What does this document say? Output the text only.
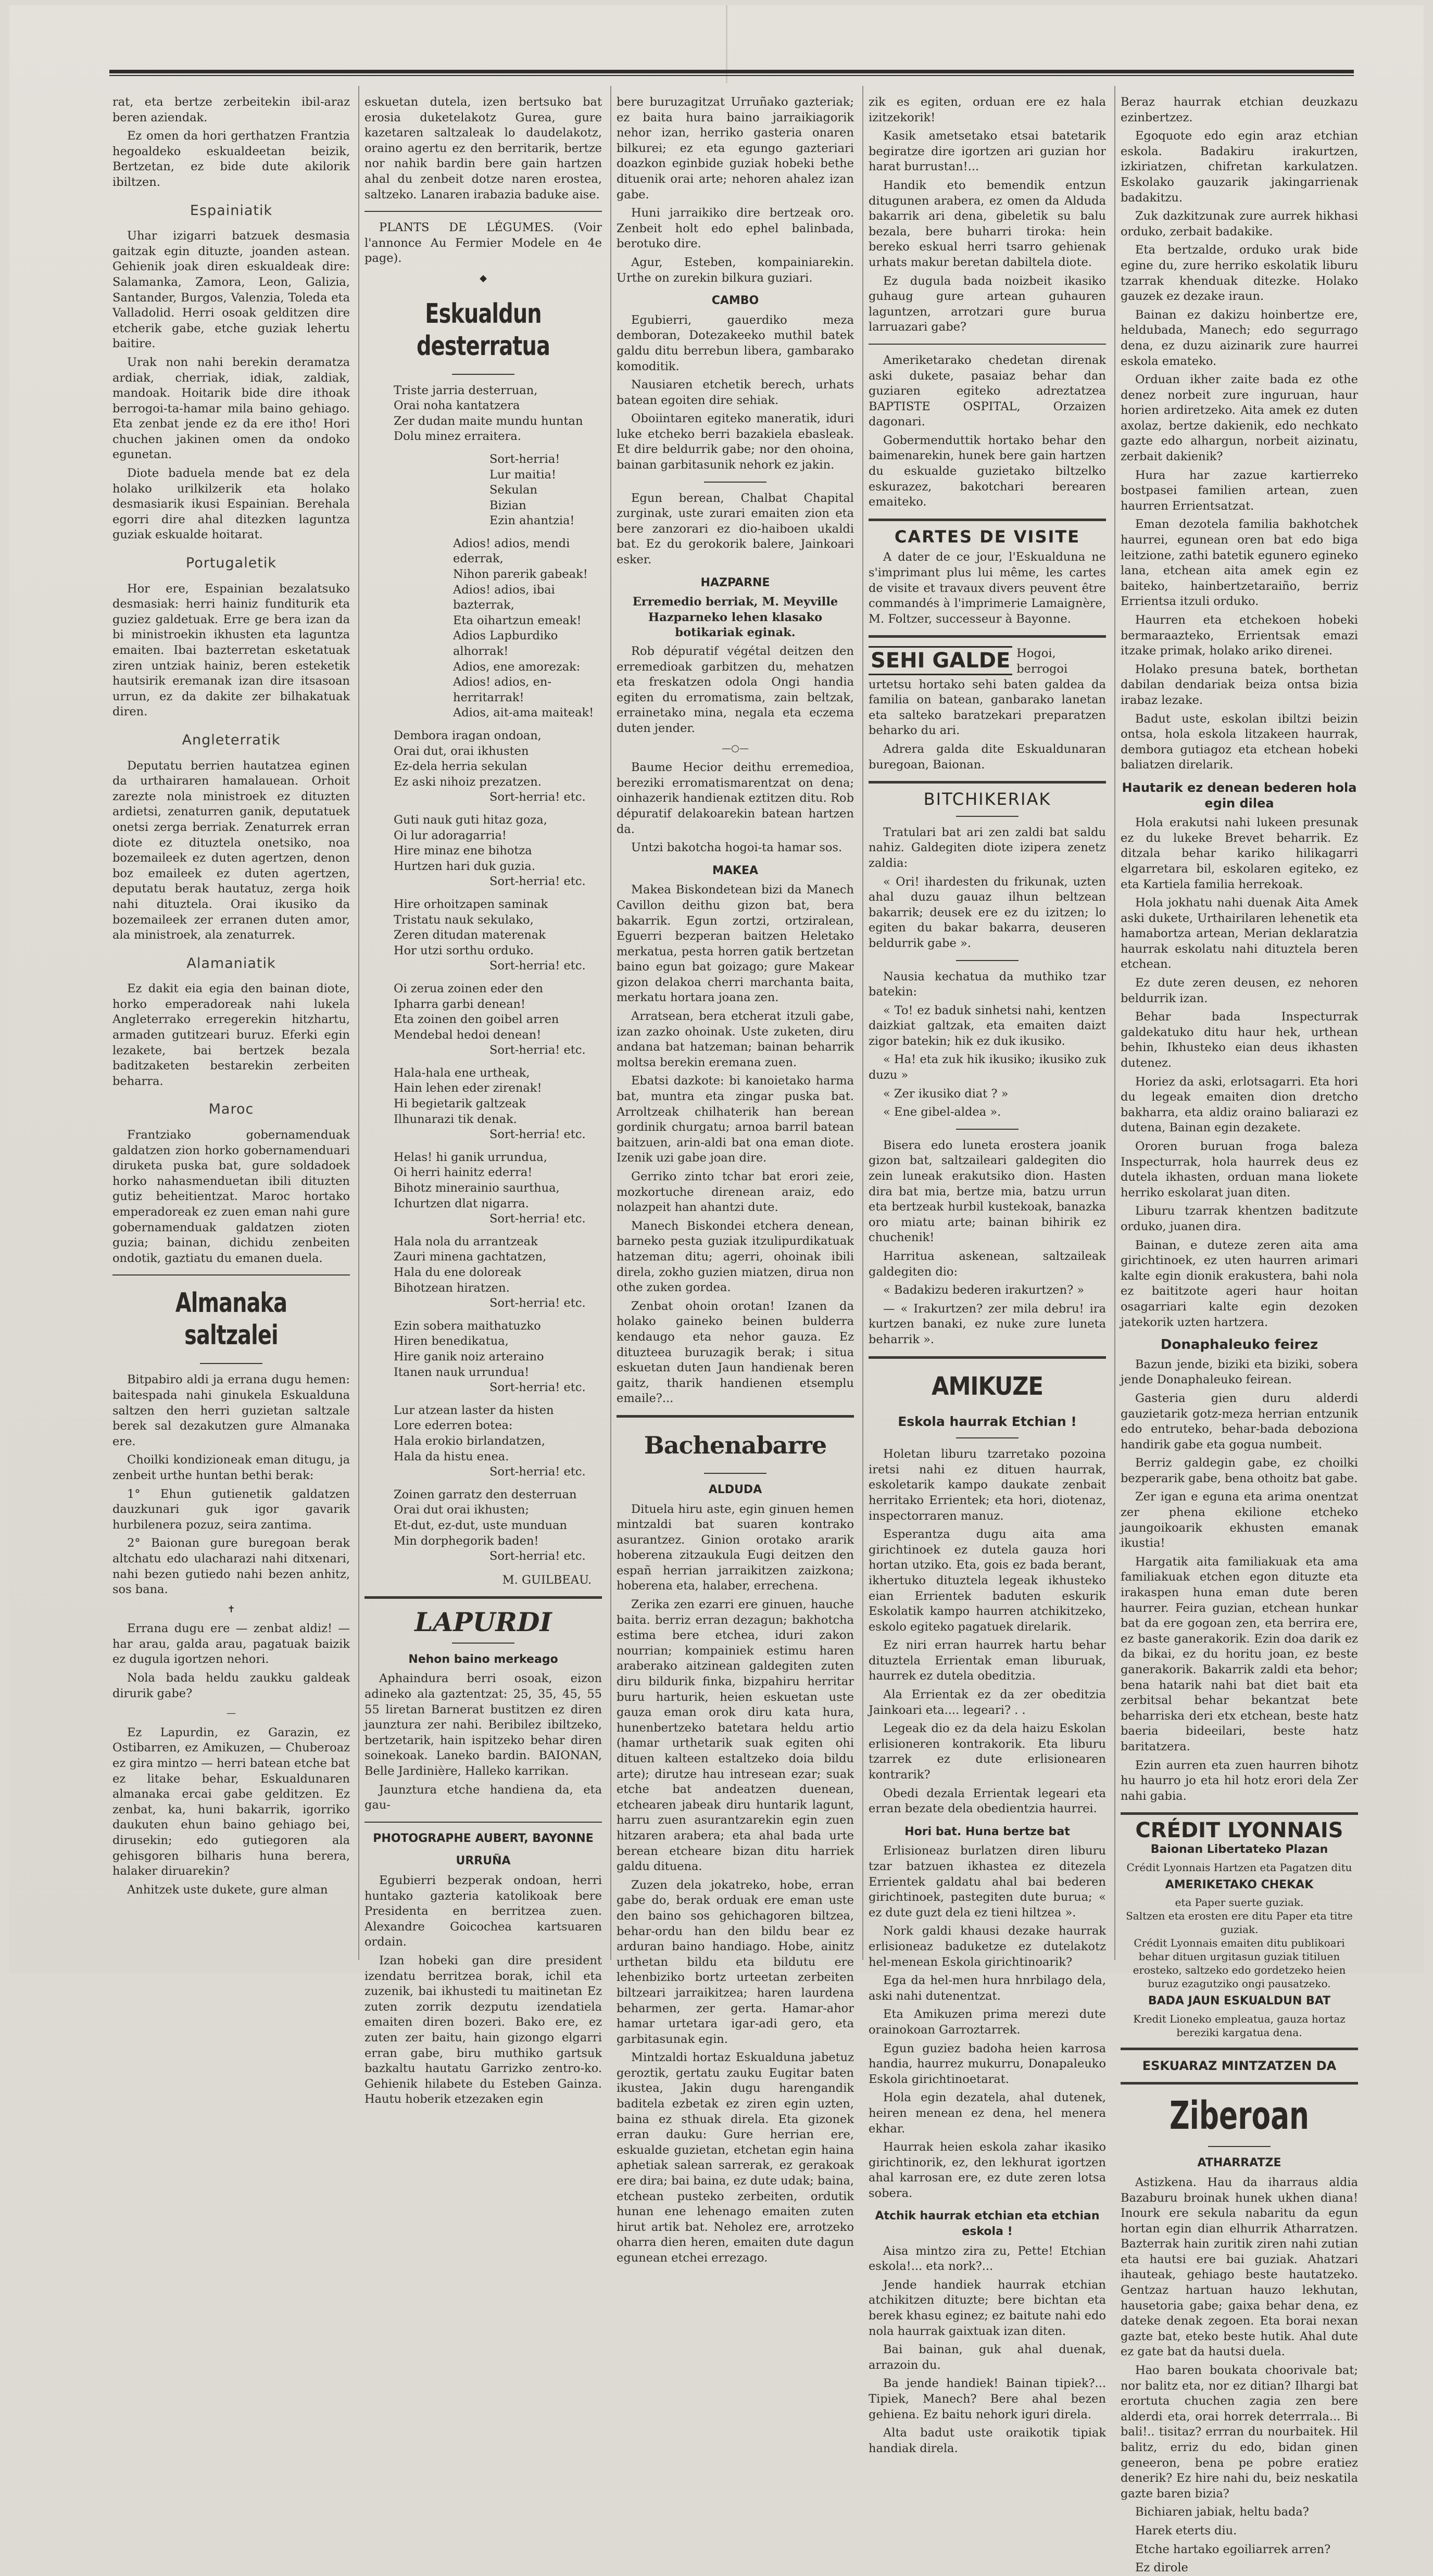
rat, eta bertze zerbeitekin ibil-araz beren aziendak.

Ez omen da hori gerthatzen Frantzia hegoaldeko eskualdeetan beizik, Bertzetan, ez bide dute akilorik ibiltzen.

Espainiatik

Uhar izigarri batzuek desmasia gaitzak egin dituzte, joanden astean. Gehienik joak diren eskualdeak dire: Salamanka, Zamora, Leon, Galizia, Santander, Burgos, Valenzia, Toleda eta Valladolid. Herri osoak gelditzen dire etcherik gabe, etche guziak lehertu baitire.

Urak non nahi berekin deramatza ardiak, cherriak, idiak, zaldiak, mandoak. Hoitarik bide dire ithoak berrogoi-ta-hamar mila baino gehiago. Eta zenbat jende ez da ere itho! Hori chuchen jakinen omen da ondoko egunetan.

Diote baduela mende bat ez dela holako urilkilzerik eta holako desmasiarik ikusi Espainian. Berehala egorri dire ahal ditezken laguntza guziak eskualde hoitarat.

Portugaletik

Hor ere, Espainian bezalatsuko desmasiak: herri hainiz funditurik eta guziez galdetuak. Erre ge bera izan da bi ministroekin ikhusten eta laguntza emaiten. Ibai bazterretan esketatuak ziren untziak hainiz, beren esteketik hautsirik eremanak izan dire itsasoan urrun, ez da dakite zer bilhakatuak diren.

Angleterratik

Deputatu berrien hautatzea eginen da urthairaren hamalauean. Orhoit zarezte nola ministroek ez dituzten ardietsi, zenaturren ganik, deputatuek onetsi zerga berriak. Zenaturrek erran diote ez dituztela onetsiko, noa bozemaileek ez duten agertzen, denon boz emaileek ez duten agertzen, deputatu berak hautatuz, zerga hoik nahi dituztela. Orai ikusiko da bozemaileek zer erranen duten amor, ala ministroek, ala zenaturrek.

Alamaniatik

Ez dakit eia egia den bainan diote, horko emperadoreak nahi lukela Angleterrako erregerekin hitzhartu, armaden gutitzeari buruz. Eferki egin lezakete, bai bertzek bezala baditzaketen bestarekin zerbeiten beharra.

Maroc

Frantziako gobernamenduak galdatzen zion horko gobernamenduari diruketa puska bat, gure soldadoek horko nahasmenduetan ibili dituzten gutiz beheitientzat. Maroc hortako emperadoreak ez zuen eman nahi gure gobernamenduak galdatzen zioten guzia; bainan, dichidu zenbeiten ondotik, gaztiatu du emanen duela.

Almanaka saltzalei

Bitpabiro aldi ja errana dugu hemen: baitespada nahi ginukela Eskualduna saltzen den herri guzietan saltzale berek sal dezakutzen gure Almanaka ere.

Choilki kondizioneak eman ditugu, ja zenbeit urthe huntan bethi berak:

1° Ehun gutienetik galdatzen dauzkunari guk igor gavarik hurbilenera pozuz, seira zantima.

2° Baionan gure buregoan berak altchatu edo ulacharazi nahi ditxenari, nahi bezen gutiedo nahi bezen anhitz, sos bana.

✝

Errana dugu ere — zenbat aldiz! — har arau, galda arau, pagatuak baizik ez dugula igortzen nehori.

Nola bada heldu zaukku galdeak dirurik gabe?

—

Ez Lapurdin, ez Garazin, ez Ostibarren, ez Amikuzen, — Chuberoaz ez gira mintzo — herri batean etche bat ez litake behar, Eskualdunaren almanaka ercai gabe gelditzen. Ez zenbat, ka, huni bakarrik, igorriko daukuten ehun baino gehiago bei, dirusekin; edo gutiegoren ala gehisgoren bilharis huna berera, halaker diruarekin?

Anhitzek uste dukete, gure alman

eskuetan dutela, izen bertsuko bat erosia duketelakotz Gurea, gure kazetaren saltzaleak lo daudelakotz, oraino agertu ez den berritarik, bertze nor nahik bardin bere gain hartzen ahal du zenbeit dotze naren erostea, saltzeko. Lanaren irabazia baduke aise.

PLANTS DE LÉGUMES. (Voir l'annonce Au Fermier Modele en 4e page).

◆
Eskualdun desterratua
Triste jarria desterruan,
Orai noha kantatzera
Zer dudan maite mundu huntan
Dolu minez erraitera.
Sort-herria!
Lur maitia!
Sekulan
Bizian
Ezin ahantzia!
Adios! adios, mendi ederrak,
Nihon parerik gabeak!
Adios! adios, ibai bazterrak,
Eta oihartzun emeak!
Adios Lapburdiko alhorrak!
Adios, ene amorezak:
Adios! adios, en-herritarrak!
Adios, ait-ama maiteak!
Dembora iragan ondoan,
Orai dut, orai ikhusten
Ez-dela herria sekulan
Ez aski nihoiz prezatzen.
Sort-herria! etc.
Guti nauk guti hitaz goza,
Oi lur adoragarria!
Hire minaz ene bihotza
Hurtzen hari duk guzia.
Sort-herria! etc.
Hire orhoitzapen saminak
Tristatu nauk sekulako,
Zeren ditudan materenak
Hor utzi sorthu orduko.
Sort-herria! etc.
Oi zerua zoinen eder den
Ipharra garbi denean!
Eta zoinen den goibel arren
Mendebal hedoi denean!
Sort-herria! etc.
Hala-hala ene urtheak,
Hain lehen eder zirenak!
Hi begietarik galtzeak
Ilhunarazi tik denak.
Sort-herria! etc.
Helas! hi ganik urrundua,
Oi herri hainitz ederra!
Bihotz minerainio saurthua,
Ichurtzen dlat nigarra.
Sort-herria! etc.
Hala nola du arrantzeak
Zauri minena gachtatzen,
Hala du ene doloreak
Bihotzean hiratzen.
Sort-herria! etc.
Ezin sobera maithatuzko
Hiren benedikatua,
Hire ganik noiz arteraino
Itanen nauk urrundua!
Sort-herria! etc.
Lur atzean laster da histen
Lore ederren botea:
Hala erokio birlandatzen,
Hala da histu enea.
Sort-herria! etc.
Zoinen garratz den desterruan
Orai dut orai ikhusten;
Et-dut, ez-dut, uste munduan
Min dorphegorik baden!
Sort-herria! etc.
M. GUILBEAU.
LAPURDI
Nehon baino merkeago

Aphaindura berri osoak, eizon adineko ala gaztentzat: 25, 35, 45, 55 55 liretan Barnerat bustitzen ez diren jaunztura zer nahi. Beribilez ibiltzeko, bertzetarik, hain ispitzeko behar diren soinekoak. Laneko bardin. BAIONAN, Belle Jardinière, Halleko karrikan.

Jaunztura etche handiena da, eta gau-

PHOTOGRAPHE AUBERT, BAYONNE
URRUÑA

Egubierri bezperak ondoan, herri huntako gazteria katolikoak bere Presidenta en berritzea zuen. Alexandre Goicochea kartsuaren ordain.

Izan hobeki gan dire president izendatu berritzea borak, ichil eta zuzenik, bai ikhustedi tu maitinetan Ez zuten zorrik dezputu izendatiela emaiten diren bozeri. Bako ere, ez zuten zer baitu, hain gizongo elgarri erran gabe, biru muthiko gartsuk bazkaltu hautatu Garrizko zentro-ko. Gehienik hilabete du Esteben Gainza. Hautu hoberik etzezaken egin

bere buruzagitzat Urruñako gazteriak; ez baita hura baino jarraikiagorik nehor izan, herriko gasteria onaren bilkurei; ez eta egungo gazteriari doazkon eginbide guziak hobeki bethe dituenik orai arte; nehoren ahalez izan gabe.

Huni jarraikiko dire bertzeak oro. Zenbeit holt edo ephel balinbada, berotuko dire.

Agur, Esteben, kompainiarekin. Urthe on zurekin bilkura guziari.

CAMBO

Egubierri, gauerdiko meza demboran, Dotezakeeko muthil batek galdu ditu berrebun libera, gambarako komoditik.

Nausiaren etchetik berech, urhats batean egoiten dire sehiak.

Oboiintaren egiteko maneratik, iduri luke etcheko berri bazakiela ebasleak. Et dire beldurrik gabe; nor den ohoina, bainan garbitasunik nehork ez jakin.

Egun berean, Chalbat Chapital zurginak, uste zurari emaiten zion eta bere zanzorari ez dio-haiboen ukaldi bat. Ez du gerokorik balere, Jainkoari esker.

HAZPARNE

Erremedio berriak, M. Meyville Hazparneko lehen klasako botikariak eginak.

Rob dépuratif végétal deitzen den erremedioak garbitzen du, mehatzen eta freskatzen odola Ongi handia egiten du erromatisma, zain beltzak, errainetako mina, negala eta eczema duten jender.

—○—

Baume Hecior deithu erremedioa, bereziki erromatismarentzat on dena; oinhazerik handienak eztitzen ditu. Rob dépuratif delakoarekin batean hartzen da.

Untzi bakotcha hogoi-ta hamar sos.

MAKEA

Makea Biskondetean bizi da Manech Cavillon deithu gizon bat, bera bakarrik. Egun zortzi, ortziralean, Eguerri bezperan baitzen Heletako merkatua, pesta horren gatik bertzetan baino egun bat goizago; gure Makear gizon delakoa cherri marchanta baita, merkatu hortara joana zen.

Arratsean, bera etcherat itzuli gabe, izan zazko ohoinak. Uste zuketen, diru andana bat hatzeman; bainan beharrik moltsa berekin eremana zuen.

Ebatsi dazkote: bi kanoietako harma bat, muntra eta zingar puska bat. Arroltzeak chilhaterik han berean gordinik churgatu; arnoa barril batean baitzuen, arin-aldi bat ona eman diote. Izenik uzi gabe joan dire.

Gerriko zinto tchar bat erori zeie, mozkortuche direnean araiz, edo nolazpeit han ahantzi dute.

Manech Biskondei etchera denean, barneko pesta guziak itzulipurdikatuak hatzeman ditu; agerri, ohoinak ibili direla, zokho guzien miatzen, dirua non othe zuken gordea.

Zenbat ohoin orotan! Izanen da holako gaineko beinen bulderra kendaugo eta nehor gauza. Ez dituzteea buruzagik berak; i situa eskuetan duten Jaun handienak beren gaitz, tharik handienen etsemplu emaile?...

Bachenabarre
ALDUDA

Dituela hiru aste, egin ginuen hemen mintzaldi bat suaren kontrako asurantzez. Ginion orotako ararik hoberena zitzaukula Eugi deitzen den españ herrian jarraikitzen zaizkona; hoberena eta, halaber, errechena.

Zerika zen ezarri ere ginuen, hauche baita. berriz erran dezagun; bakhotcha estima bere etchea, iduri zakon nourrian; kompainiek estimu haren araberako aitzinean galdegiten zuten diru bildurik finka, bizpahiru herritar buru harturik, heien eskuetan uste gauza eman orok diru kata hura, hunenbertzeko batetara heldu artio (hamar urthetarik suak egiten ohi dituen kalteen estaltzeko doia bildu arte); dirutze hau intresean ezar; suak etche bat andeatzen duenean, etchearen jabeak diru huntarik lagunt, harru zuen asurantzarekin egin zuen hitzaren arabera; eta ahal bada urte berean etcheare bizan ditu harriek galdu dituena.

Zuzen dela jokatreko, hobe, erran gabe do, berak orduak ere eman uste den baino sos gehichagoren biltzea, behar-ordu han den bildu bear ez arduran baino handiago. Hobe, ainitz urthetan bildu eta bildutu ere lehenbiziko bortz urteetan zerbeiten biltzeari jarraikitzea; haren laurdena beharmen, zer gerta. Hamar-ahor hamar urtetara igar-adi gero, eta garbitasunak egin.

Mintzaldi hortaz Eskualduna jabetuz geroztik, gertatu zauku Eugitar baten ikustea, Jakin dugu harengandik baditela ezbetak ez ziren egin uzten, baina ez sthuak direla. Eta gizonek erran dauku: Gure herrian ere, eskualde guzietan, etchetan egin haina aphetiak salean sarrerak, ez gerakoak ere dira; bai baina, ez dute udak; baina, etchean pusteko zerbeiten, ordutik hunan ene lehenago emaiten zuten hirut artik bat. Neholez ere, arrotzeko oharra dien heren, emaiten dute dagun egunean etchei errezago.

zik es egiten, orduan ere ez hala izitzekorik!

Kasik ametsetako etsai batetarik begiratze dire igortzen ari guzian hor harat burrustan!...

Handik eto bemendik entzun ditugunen arabera, ez omen da Alduda bakarrik ari dena, gibeletik su balu bezala, bere buharri tiroka: hein bereko eskual herri tsarro gehienak urhats makur beretan dabiltela diote.

Ez dugula bada noizbeit ikasiko guhaug gure artean guhauren laguntzen, arrotzari gure burua larruazari gabe?

Ameriketarako chedetan direnak aski dukete, pasaiaz behar dan guziaren egiteko adreztatzea BAPTISTE OSPITAL, Orzaizen dagonari.

Gobermenduttik hortako behar den baimenarekin, hunek bere gain hartzen du eskualde guzietako biltzelko eskurazez, bakotchari berearen emaiteko.

CARTES DE VISITE

A dater de ce jour, l'Eskualduna ne s'imprimant plus lui même, les cartes de visite et travaux divers peuvent être commandés à l'imprimerie Lamaignère, M. Foltzer, successeur à Bayonne.

SEHI GALDE Hogoi, berrogoi urtetsu hortako sehi baten galdea da familia on batean, ganbarako lanetan eta salteko baratzekari preparatzen beharko du ari.

Adrera galda dite Eskualdunaran buregoan, Baionan.

BITCHIKERIAK

Tratulari bat ari zen zaldi bat saldu nahiz. Galdegiten diote izipera zenetz zaldia:

« Ori! ihardesten du frikunak, uzten ahal duzu gauaz ilhun beltzean bakarrik; deusek ere ez du izitzen; lo egiten du bakar bakarra, deuseren beldurrik gabe ».

Nausia kechatua da muthiko tzar batekin:

« To! ez baduk sinhetsi nahi, kentzen daizkiat galtzak, eta emaiten daizt zigor batekin; hik ez duk ikusiko.

« Ha! eta zuk hik ikusiko; ikusiko zuk duzu »

« Zer ikusiko diat ? »

« Ene gibel-aldea ».

Bisera edo luneta erostera joanik gizon bat, saltzaileari galdegiten dio zein luneak erakutsiko dion. Hasten dira bat mia, bertze mia, batzu urrun eta bertzeak hurbil kustekoak, banazka oro miatu arte; bainan bihirik ez chuchenik!

Harritua askenean, saltzaileak galdegiten dio:

« Badakizu bederen irakurtzen? »

— « Irakurtzen? zer mila debru! ira kurtzen banaki, ez nuke zure luneta beharrik ».

AMIKUZE
Eskola haurrak Etchian !

Holetan liburu tzarretako pozoina iretsi nahi ez dituen haurrak, eskoletarik kampo daukate zenbait herritako Errientek; eta hori, diotenaz, inspectorraren manuz.

Esperantza dugu aita ama girichtinoek ez dutela gauza hori hortan utziko. Eta, gois ez bada berant, ikhertuko dituztela legeak ikhusteko eian Errientek baduten eskurik Eskolatik kampo haurren atchikitzeko, eskolo egiteko pagatuek direlarik.

Ez niri erran haurrek hartu behar dituztela Errientak eman liburuak, haurrek ez dutela obeditzia.

Ala Errientak ez da zer obeditzia Jainkoari eta.... legeari? . .

Legeak dio ez da dela haizu Eskolan erlisioneren kontrakorik. Eta liburu tzarrek ez dute erlisionearen kontrarik?

Obedi dezala Errientak legeari eta erran bezate dela obedientzia haurrei.

Hori bat. Huna bertze bat

Erlisioneaz burlatzen diren liburu tzar batzuen ikhastea ez ditezela Errientek galdatu ahal bai bederen girichtinoek, pastegiten dute burua; « ez dute guzt dela ez tieni hiltzea ».

Nork galdi khausi dezake haurrak erlisioneaz baduketze ez dutelakotz hel-menean Eskola girichtinoarik?

Ega da hel-men hura hnrbilago dela, aski nahi dutenentzat.

Eta Amikuzen prima merezi dute orainokoan Garroztarrek.

Egun guziez badoha heien karrosa handia, haurrez mukurru, Donapaleuko Eskola girichtinoetarat.

Hola egin dezatela, ahal dutenek, heiren menean ez dena, hel menera ekhar.

Haurrak heien eskola zahar ikasiko girichtinorik, ez, den lekhurat igortzen ahal karrosan ere, ez dute zeren lotsa sobera.

Atchik haurrak etchian eta etchian eskola !

Aisa mintzo zira zu, Pette! Etchian eskola!... eta nork?...

Jende handiek haurrak etchian atchikitzen dituzte; bere bichtan eta berek khasu eginez; ez baitute nahi edo nola haurrak gaixtuak izan diten.

Bai bainan, guk ahal duenak, arrazoin du.

Ba jende handiek! Bainan tipiek?... Tipiek, Manech? Bere ahal bezen gehiena. Ez baitu nehork iguri direla.

Alta badut uste oraikotik tipiak handiak direla.

Beraz haurrak etchian deuzkazu ezinbertzez.

Egoquote edo egin araz etchian eskola. Badakiru irakurtzen, izkiriatzen, chifretan karkulatzen. Eskolako gauzarik jakingarrienak badakitzu.

Zuk dazkitzunak zure aurrek hikhasi orduko, zerbait badakike.

Eta bertzalde, orduko urak bide egine du, zure herriko eskolatik liburu tzarrak khenduak ditezke. Holako gauzek ez dezake iraun.

Bainan ez dakizu hoinbertze ere, heldubada, Manech; edo segurrago dena, ez duzu aizinarik zure haurrei eskola emateko.

Orduan ikher zaite bada ez othe denez norbeit zure inguruan, haur horien ardiretzeko. Aita amek ez duten axolaz, bertze dakienik, edo nechkato gazte edo alhargun, norbeit aizinatu, zerbait dakienik?

Hura har zazue kartierreko bostpasei familien artean, zuen haurren Errientsatzat.

Eman dezotela familia bakhotchek haurrei, egunean oren bat edo biga leitzione, zathi batetik egunero egineko lana, etchean aita amek egin ez baiteko, hainbertzetaraiño, berriz Errientsa itzuli orduko.

Haurren eta etchekoen hobeki bermaraazteko, Errientsak emazi itzake primak, holako ariko direnei.

Holako presuna batek, borthetan dabilan dendariak beiza ontsa bizia irabaz lezake.

Badut uste, eskolan ibiltzi beizin ontsa, hola eskola litzakeen haurrak, dembora gutiagoz eta etchean hobeki baliatzen direlarik.

Hautarik ez denean bederen hola egin dilea

Hola erakutsi nahi lukeen presunak ez du lukeke Brevet beharrik. Ez ditzala behar kariko hilikagarri elgarretara bil, eskolaren egiteko, ez eta Kartiela familia herrekoak.

Hola jokhatu nahi duenak Aita Amek aski dukete, Urthairilaren lehenetik eta hamabortza artean, Merian deklaratzia haurrak eskolatu nahi dituztela beren etchean.

Ez dute zeren deusen, ez nehoren beldurrik izan.

Behar bada Inspecturrak galdekatuko ditu haur hek, urthean behin, Ikhusteko eian deus ikhasten dutenez.

Horiez da aski, erlotsagarri. Eta hori du legeak emaiten dion dretcho bakharra, eta aldiz oraino baliarazi ez dutena, Bainan egin dezakete.

Ororen buruan froga baleza Inspecturrak, hola haurrek deus ez dutela ikhasten, orduan mana liokete herriko eskolarat juan diten.

Liburu tzarrak khentzen baditzute orduko, juanen dira.

Bainan, e duteze zeren aita ama girichtinoek, ez uten haurren arimari kalte egin dionik erakustera, bahi nola ez baititzote ageri haur hoitan osagarriari kalte egin dezoken jatekorik uzten hartzera.

Donaphaleuko feirez

Bazun jende, biziki eta biziki, sobera jende Donaphaleuko feirean.

Gasteria gien duru alderdi gauzietarik gotz-meza herrian entzunik edo entruteko, behar-bada deboziona handirik gabe eta gogua numbeit.

Berriz galdegin gabe, ez choilki bezperarik gabe, bena othoitz bat gabe.

Zer igan e eguna eta arima onentzat zer phena ekilione etcheko jaungoikoarik ekhusten emanak ikustia!

Hargatik aita familiakuak eta ama familiakuak etchen egon dituzte eta irakaspen huna eman dute beren haurrer. Feira guzian, etchean hunkar bat da ere gogoan zen, eta berrira ere, ez baste ganerakorik. Ezin doa darik ez da bikai, ez du horitu joan, ez beste ganerakorik. Bakarrik zaldi eta behor; bena hatarik nahi bat diet bait eta zerbitsal behar bekantzat bete beharriska deri etx etchean, beste hatz baeria bideeilari, beste hatz baritatzera.

Ezin aurren eta zuen haurren bihotz hu haurro jo eta hil hotz erori dela Zer nahi gabia.

CRÉDIT LYONNAIS
Baionan Libertateko Plazan
Crédit Lyonnais Hartzen eta Pagatzen ditu
AMERIKETAKO CHEKAK
eta Paper suerte guziak.
Saltzen eta erosten ere ditu Paper eta titre guziak.
Crédit Lyonnais emaiten ditu publikoari behar dituen urgitasun guziak titiluen erosteko, saltzeko edo gordetzeko heien buruz ezagutziko ongi pausatzeko.
BADA JAUN ESKUALDUN BAT
Kredit Lioneko empleatua, gauza hortaz bereziki kargatua dena.
ESKUARAZ MINTZATZEN DA
Ziberoan
ATHARRATZE

Astizkena. Hau da iharraus aldia Bazaburu broinak hunek ukhen diana! Inourk ere sekula nabaritu da egun hortan egin dian elhurrik Atharratzen. Bazterrak hain zuritik ziren nahi zutian eta hautsi ere bai guziak. Ahatzari ihauteak, gehiago beste hautatzeko. Gentzaz hartuan hauzo lekhutan, hausetoria gabe; gaixa behar dena, ez dateke denak zegoen. Eta borai nexan gazte bat, eteko beste hutik. Ahal dute ez gate bat da hautsi duela.

Hao baren boukata choorivale bat; nor balitz eta, nor ez ditian? Ilhargi bat erortuta chuchen zagia zen bere alderdi eta, orai horrek deterrrala... Bi bali!.. tisitaz? errran du nourbaitek. Hil balitz, erriz du edo, bidan ginen geneeron, bena pe pobre eratiez denerik? Ez hire nahi du, beiz neskatila gazte baren bizia?

Bichiaren jabiak, heltu bada?

Harek eterts diu.

Etche hartako egoiliarrek arren?

Ez dirole
